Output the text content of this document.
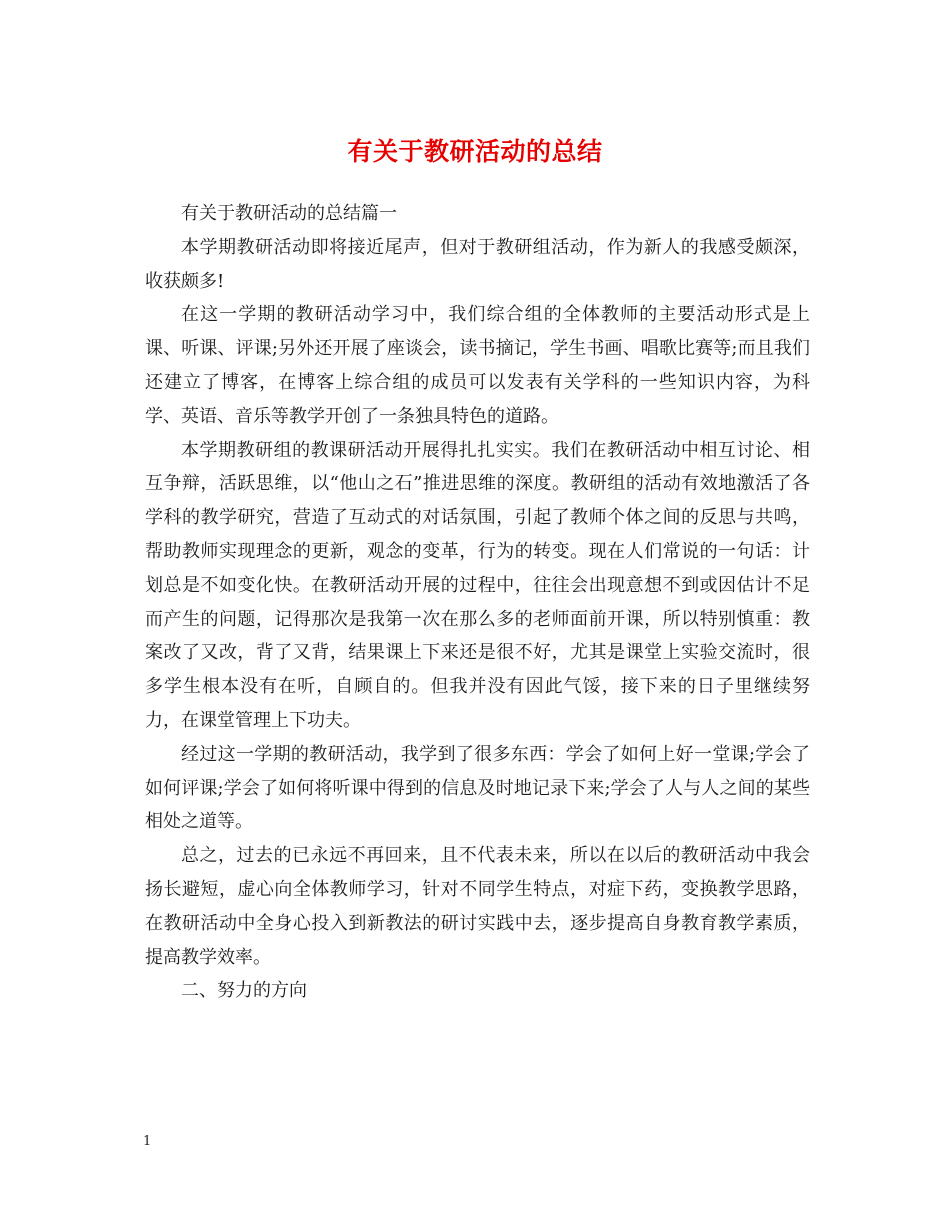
有关于教研活动的总结

有关于教研活动的总结篇一

本学期教研活动即将接近尾声，但对于教研组活动，作为新人的我感受颇深，收获颇多!

在这一学期的教研活动学习中，我们综合组的全体教师的主要活动形式是上课、听课、评课;另外还开展了座谈会，读书摘记，学生书画、唱歌比赛等;而且我们还建立了博客，在博客上综合组的成员可以发表有关学科的一些知识内容，为科学、英语、音乐等教学开创了一条独具特色的道路。

本学期教研组的教课研活动开展得扎扎实实。我们在教研活动中相互讨论、相互争辩，活跃思维，以“他山之石”推进思维的深度。教研组的活动有效地激活了各学科的教学研究，营造了互动式的对话氛围，引起了教师个体之间的反思与共鸣，帮助教师实现理念的更新，观念的变革，行为的转变。现在人们常说的一句话：计划总是不如变化快。在教研活动开展的过程中，往往会出现意想不到或因估计不足而产生的问题，记得那次是我第一次在那么多的老师面前开课，所以特别慎重：教案改了又改，背了又背，结果课上下来还是很不好，尤其是课堂上实验交流时，很多学生根本没有在听，自顾自的。但我并没有因此气馁，接下来的日子里继续努力，在课堂管理上下功夫。

经过这一学期的教研活动，我学到了很多东西：学会了如何上好一堂课;学会了如何评课;学会了如何将听课中得到的信息及时地记录下来;学会了人与人之间的某些相处之道等。

总之，过去的已永远不再回来，且不代表未来，所以在以后的教研活动中我会扬长避短，虚心向全体教师学习，针对不同学生特点，对症下药，变换教学思路，在教研活动中全身心投入到新教法的研讨实践中去，逐步提高自身教育教学素质，提高教学效率。

二、努力的方向

1
